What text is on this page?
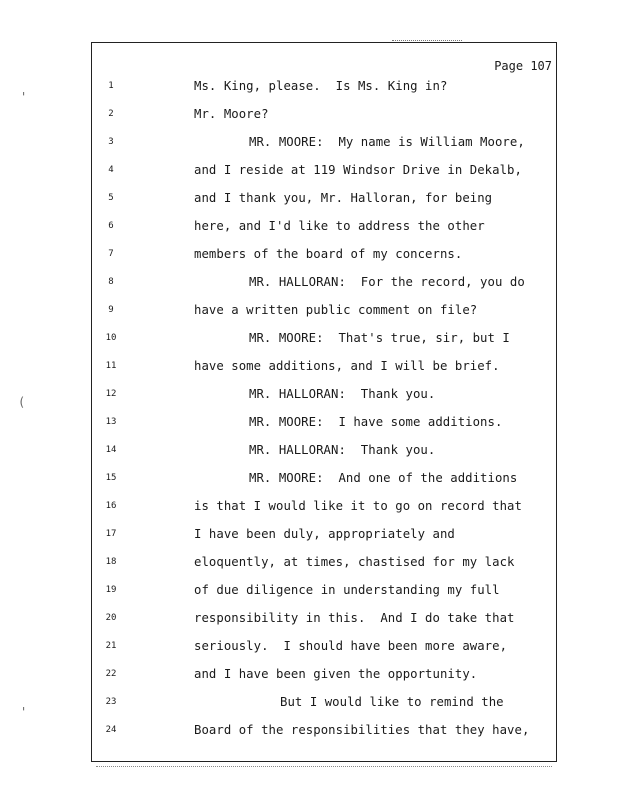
'
(
'
Page 107
1	Ms. King, please.  Is Ms. King in?
2	Mr. Moore?
3	MR. MOORE:  My name is William Moore,
4	and I reside at 119 Windsor Drive in Dekalb,
5	and I thank you, Mr. Halloran, for being
6	here, and I'd like to address the other
7	members of the board of my concerns.
8	MR. HALLORAN:  For the record, you do
9	have a written public comment on file?
10	MR. MOORE:  That's true, sir, but I
11	have some additions, and I will be brief.
12	MR. HALLORAN:  Thank you.
13	MR. MOORE:  I have some additions.
14	MR. HALLORAN:  Thank you.
15	MR. MOORE:  And one of the additions
16	is that I would like it to go on record that
17	I have been duly, appropriately and
18	eloquently, at times, chastised for my lack
19	of due diligence in understanding my full
20	responsibility in this.  And I do take that
21	seriously.  I should have been more aware,
22	and I have been given the opportunity.
23	But I would like to remind the
24	Board of the responsibilities that they have,
